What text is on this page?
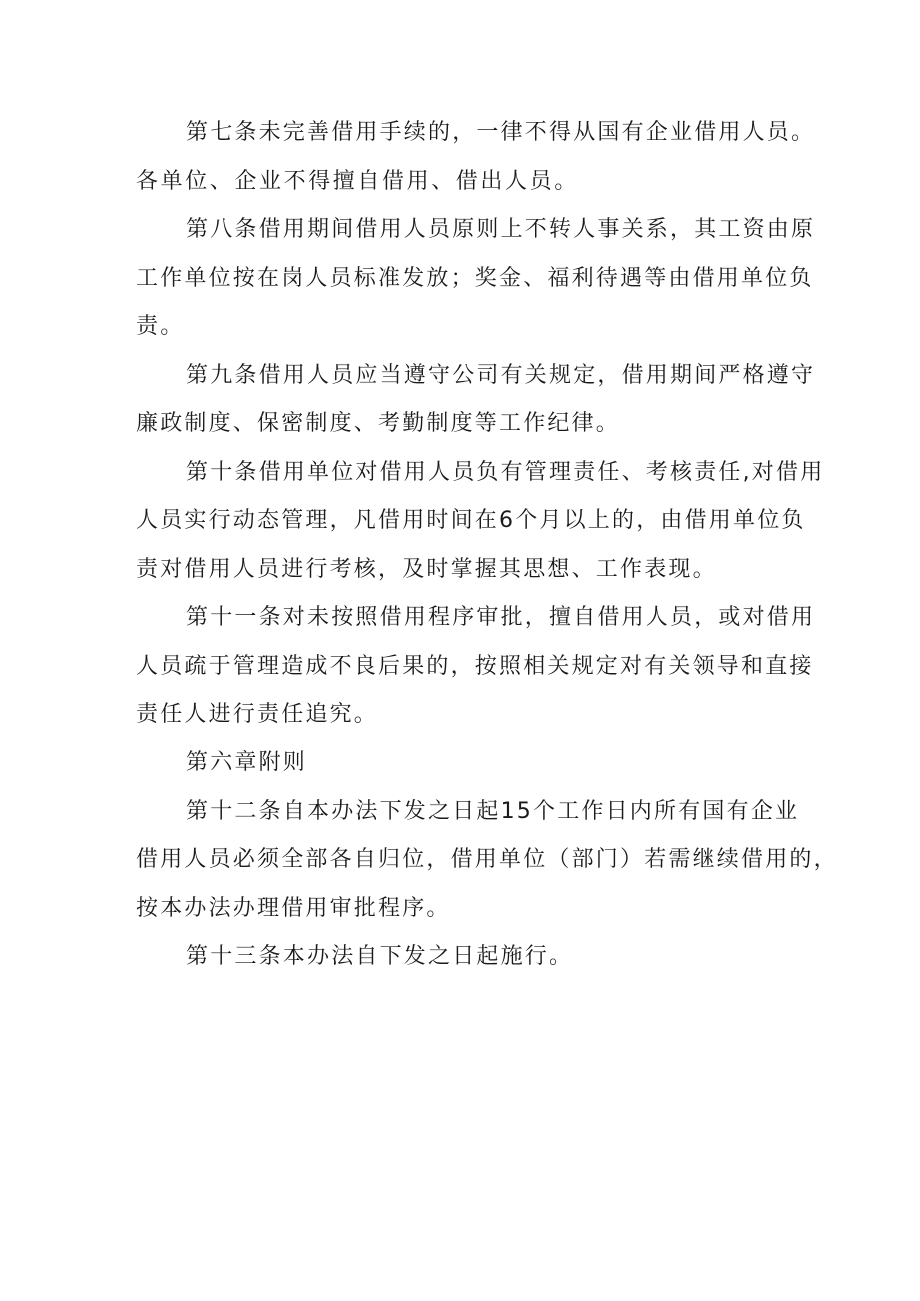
第七条未完善借用手续的，一律不得从国有企业借用人员。
各单位、企业不得擅自借用、借出人员。
第八条借用期间借用人员原则上不转人事关系，其工资由原
工作单位按在岗人员标准发放；奖金、福利待遇等由借用单位负
责。
第九条借用人员应当遵守公司有关规定，借用期间严格遵守
廉政制度、保密制度、考勤制度等工作纪律。
第十条借用单位对借用人员负有管理责任、考核责任,对借用
人员实行动态管理，凡借用时间在6个月以上的，由借用单位负
责对借用人员进行考核，及时掌握其思想、工作表现。
第十一条对未按照借用程序审批，擅自借用人员，或对借用
人员疏于管理造成不良后果的，按照相关规定对有关领导和直接
责任人进行责任追究。
第六章附则
第十二条自本办法下发之日起15个工作日内所有国有企业
借用人员必须全部各自归位，借用单位（部门）若需继续借用的，
按本办法办理借用审批程序。
第十三条本办法自下发之日起施行。
